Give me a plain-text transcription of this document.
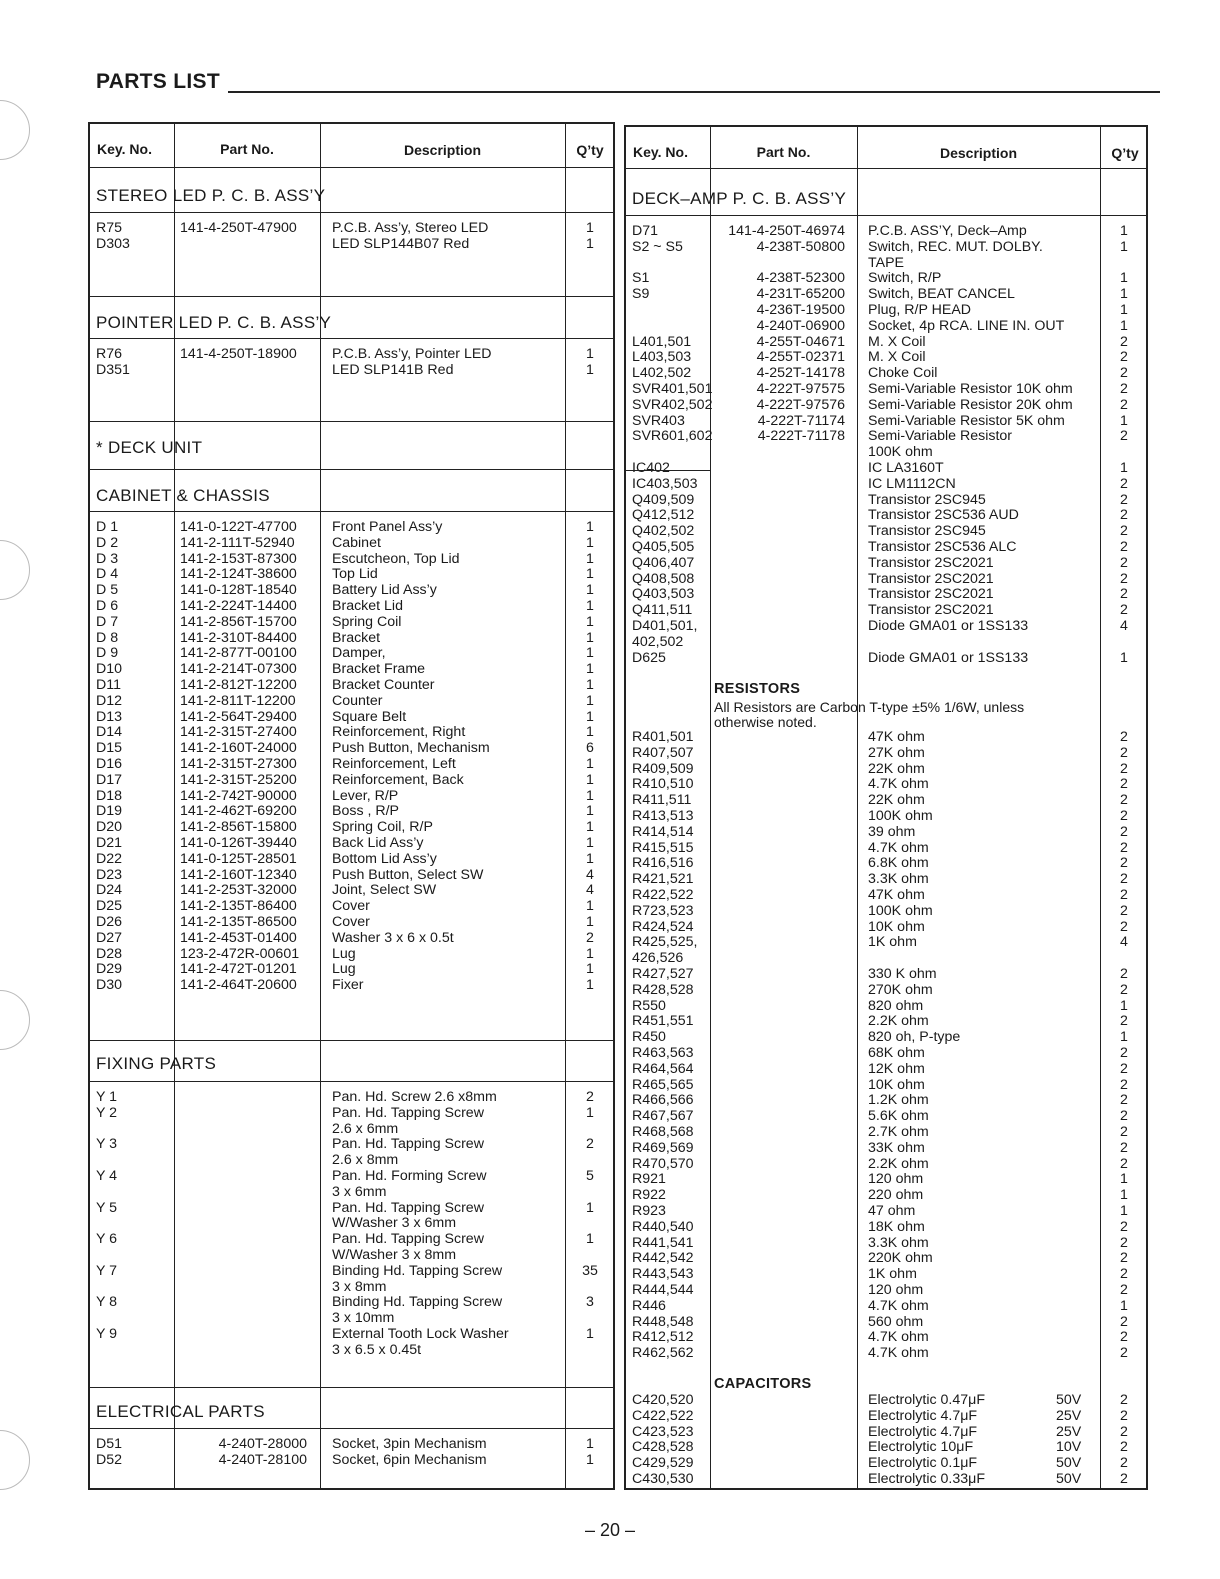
PARTS LIST
Key. No.	Part No.	Description	Q’ty
STEREO LED P. C. B. ASS’Y
R75	141-4-250T-47900 P.C.B. Ass’y, Stereo LED	1
D303	LED SLP144B07 Red	1
POINTER LED P. C. B. ASS’Y
R76	141-4-250T-18900 P.C.B. Ass’y, Pointer LED	1
D351	LED SLP141B Red	1
* DECK UNIT
CABINET & CHASSIS
D 1	141-0-122T-47700 Front Panel Ass’y	1
D 2	141-2-111T-52940	Cabinet	1
D 3	141-2-153T-87300 Escutcheon, Top Lid	1
D 4	141-2-124T-38600 Top Lid	1
D 5	141-0-128T-18540 Battery Lid Ass’y	1
D 6	141-2-224T-14400 Bracket Lid	1
D 7	141-2-856T-15700 Spring Coil	1
D 8	141-2-310T-84400 Bracket	1
D 9	141-2-877T-00100 Damper,	1
D10	141-2-214T-07300 Bracket Frame	1
D11	141-2-812T-12200 Bracket Counter	1
D12	141-2-811T-12200	Counter	1
D13	141-2-564T-29400 Square Belt	1
D14	141-2-315T-27400 Reinforcement, Right	1
D15	141-2-160T-24000 Push Button, Mechanism	6
D16	141-2-315T-27300 Reinforcement, Left	1
D17	141-2-315T-25200 Reinforcement, Back	1
D18	141-2-742T-90000 Lever, R/P	1
D19	141-2-462T-69200 Boss , R/P	1
D20	141-2-856T-15800 Spring Coil, R/P	1
D21	141-0-126T-39440 Back Lid Ass’y	1
D22	141-0-125T-28501 Bottom Lid Ass’y	1
D23	141-2-160T-12340 Push Button, Select SW	4
D24	141-2-253T-32000 Joint, Select SW	4
D25	141-2-135T-86400 Cover	1
D26	141-2-135T-86500 Cover	1
D27	141-2-453T-01400 Washer 3 x 6 x 0.5t	2
D28	123-2-472R-00601 Lug	1
D29	141-2-472T-01201 Lug	1
D30	141-2-464T-20600 Fixer	1
FIXING PARTS
Y 1	Pan. Hd. Screw 2.6 x8mm	2
Y 2	Pan. Hd. Tapping Screw	1
2.6 x 6mm
Y 3	Pan. Hd. Tapping Screw	2
2.6 x 8mm
Y 4	Pan. Hd. Forming Screw	5
3 x 6mm
Y 5	Pan. Hd. Tapping Screw	1
W/Washer 3 x 6mm
Y 6	Pan. Hd. Tapping Screw	1
W/Washer 3 x 8mm
Y 7	Binding Hd. Tapping Screw	35
3 x 8mm
Y 8	Binding Hd. Tapping Screw	3
3 x 10mm
Y 9	External Tooth Lock Washer	1
3 x 6.5 x 0.45t
ELECTRICAL PARTS
D51	4-240T-28000 Socket, 3pin Mechanism	1
D52	4-240T-28100 Socket, 6pin Mechanism	1
Key. No.	Part No.	Description	Q’ty
DECK–AMP P. C. B. ASS’Y
D71	141-4-250T-46974 P.C.B. ASS’Y, Deck–Amp	1
S2 ~ S5	4-238T-50800 Switch, REC. MUT. DOLBY.	1
TAPE
S1	4-238T-52300 Switch, R/P	1
S9	4-231T-65200 Switch, BEAT CANCEL	1
4-236T-19500 Plug, R/P HEAD	1
4-240T-06900 Socket, 4p RCA. LINE IN. OUT	1
L401,501	4-255T-04671 M. X Coil	2
L403,503	4-255T-02371 M. X Coil	2
L402,502	4-252T-14178 Choke Coil	2
SVR401,501	4-222T-97575 Semi-Variable Resistor 10K ohm	2
SVR402,502	4-222T-97576 Semi-Variable Resistor 20K ohm	2
SVR403	4-222T-71174 Semi-Variable Resistor 5K ohm	1
SVR601,602	4-222T-71178 Semi-Variable Resistor	2
100K ohm
IC402	IC LA3160T	1
IC403,503	IC LM1112CN	2
Q409,509	Transistor 2SC945	2
Q412,512	Transistor 2SC536 AUD	2
Q402,502	Transistor 2SC945	2
Q405,505	Transistor 2SC536 ALC	2
Q406,407	Transistor 2SC2021	2
Q408,508	Transistor 2SC2021	2
Q403,503	Transistor 2SC2021	2
Q411,511	Transistor 2SC2021	2
D401,501,	Diode GMA01 or 1SS133	4
402,502
D625	Diode GMA01 or 1SS133	1
RESISTORS
All Resistors are Carbon T-type ±5% 1/6W, unless
otherwise noted.
R401,501	47K ohm	2
R407,507	27K ohm	2
R409,509	22K ohm	2
R410,510	4.7K ohm	2
R411,511	22K ohm	2
R413,513	100K ohm	2
R414,514	39 ohm	2
R415,515	4.7K ohm	2
R416,516	6.8K ohm	2
R421,521	3.3K ohm	2
R422,522	47K ohm	2
R723,523	100K ohm	2
R424,524	10K ohm	2
R425,525,	1K ohm	4
426,526
R427,527	330 K ohm	2
R428,528	270K ohm	2
R550	820 ohm	1
R451,551	2.2K ohm	2
R450	820 oh, P-type	1
R463,563	68K ohm	2
R464,564	12K ohm	2
R465,565	10K ohm	2
R466,566	1.2K ohm	2
R467,567	5.6K ohm	2
R468,568	2.7K ohm	2
R469,569	33K ohm	2
R470,570	2.2K ohm	2
R921	120 ohm	1
R922	220 ohm	1
R923	47 ohm	1
R440,540	18K ohm	2
R441,541	3.3K ohm	2
R442,542	220K ohm	2
R443,543	1K ohm	2
R444,544	120 ohm	2
R446	4.7K ohm	1
R448,548	560 ohm	2
R412,512	4.7K ohm	2
R462,562	4.7K ohm	2
CAPACITORS
C420,520	Electrolytic 0.47μF	50V	2
C422,522	Electrolytic 4.7μF	25V	2
C423,523	Electrolytic 4.7μF	25V	2
C428,528	Electrolytic 10μF	10V	2
C429,529	Electrolytic 0.1μF	50V	2
C430,530	Electrolytic 0.33μF	50V	2
– 20 –
